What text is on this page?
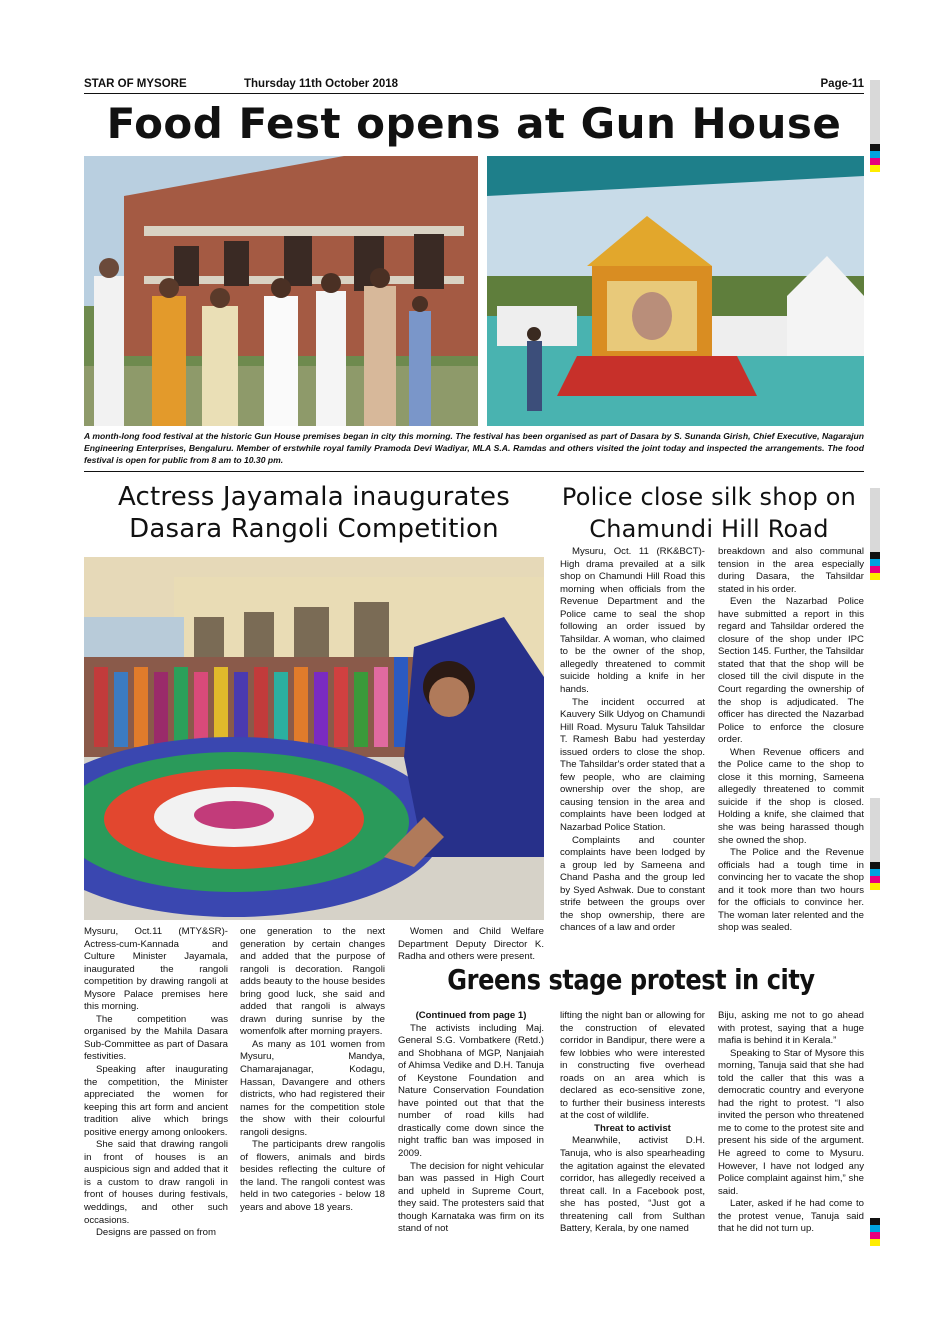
STAR OF MYSORE	Thursday 11th October 2018	Page-11
Food Fest opens at Gun House
A month-long food festival at the historic Gun House premises began in city this morning. The festival has been organised as part of Dasara by S. Sunanda Girish, Chief Executive, Nagarajun Engineering Enterprises, Bengaluru. Member of erstwhile royal family Pramoda Devi Wadiyar, MLA S.A. Ramdas and others visited the joint today and inspected the arrangements. The food festival is open for public from 8 am to 10.30 pm.
Actress Jayamala inaugurates
Dasara Rangoli Competition

Mysuru, Oct.11 (MTY&SR)- Actress-cum-Kannada and Culture Minister Jayamala, inaugurated the rangoli competition by drawing rangoli at Mysore Palace premises here this morning.

The competition was organised by the Mahila Dasara Sub-Committee as part of Dasara festivities.

Speaking after inaugurating the competition, the Minister appreciated the women for keeping this art form and ancient tradition alive which brings positive energy among onlookers.

She said that drawing rangoli in front of houses is an auspicious sign and added that it is a custom to draw rangoli in front of houses during festivals, weddings, and other such occasions.

Designs are passed on from

one generation to the next generation by certain changes and added that the purpose of rangoli is decoration. Rangoli adds beauty to the house besides bring good luck, she said and added that rangoli is always drawn during sunrise by the womenfolk after morning prayers.

As many as 101 women from Mysuru, Mandya, Chamarajanagar, Kodagu, Hassan, Davangere and others districts, who had registered their names for the competition stole the show with their colourful rangoli designs.

The participants drew rangolis of flowers, animals and birds besides reflecting the culture of the land. The rangoli contest was held in two categories - below 18 years and above 18 years.

Women and Child Welfare Department Deputy Director K. Radha and others were present.

Police close silk shop on
Chamundi Hill Road

Mysuru, Oct. 11 (RK&BCT)- High drama prevailed at a silk shop on Chamundi Hill Road this morning when officials from the Revenue Department and the Police came to seal the shop following an order issued by Tahsildar. A woman, who claimed to be the owner of the shop, allegedly threatened to commit suicide holding a knife in her hands.

The incident occurred at Kauvery Silk Udyog on Chamundi Hill Road. Mysuru Taluk Tahsildar T. Ramesh Babu had yesterday issued orders to close the shop. The Tahsildar's order stated that a few people, who are claiming ownership over the shop, are causing tension in the area and complaints have been lodged at Nazarbad Police Station.

Complaints and counter complaints have been lodged by a group led by Sameena and Chand Pasha and the group led by Syed Ashwak. Due to constant strife between the groups over the shop ownership, there are chances of a law and order

breakdown and also communal tension in the area especially during Dasara, the Tahsildar stated in his order.

Even the Nazarbad Police have submitted a report in this regard and Tahsildar ordered the closure of the shop under IPC Section 145. Further, the Tahsildar stated that that the shop will be closed till the civil dispute in the Court regarding the ownership of the shop is adjudicated. The officer has directed the Nazarbad Police to enforce the closure order.

When Revenue officers and the Police came to the shop to close it this morning, Sameena allegedly threatened to commit suicide if the shop is closed. Holding a knife, she claimed that she was being harassed though she owned the shop.

The Police and the Revenue officials had a tough time in convincing her to vacate the shop and it took more than two hours for the officials to convince her. The woman later relented and the shop was sealed.

Greens stage protest in city

(Continued from page 1)

The activists including Maj. General S.G. Vombatkere (Retd.) and Shobhana of MGP, Nanjaiah of Ahimsa Vedike and D.H. Tanuja of Keystone Foundation and Nature Conservation Foundation have pointed out that that the number of road kills had drastically come down since the night traffic ban was imposed in 2009.

The decision for night vehicular ban was passed in High Court and upheld in Supreme Court, they said. The protesters said that though Karnataka was firm on its stand of not

lifting the night ban or allowing for the construction of elevated corridor in Bandipur, there were a few lobbies who were interested in constructing five overhead roads on an area which is declared as eco-sensitive zone, to further their business interests at the cost of wildlife.

Threat to activist

Meanwhile, activist D.H. Tanuja, who is also spearheading the agitation against the elevated corridor, has allegedly received a threat call. In a Facebook post, she has posted, “Just got a threatening call from Sulthan Battery, Kerala, by one named

Biju, asking me not to go ahead with protest, saying that a huge mafia is behind it in Kerala.”

Speaking to Star of Mysore this morning, Tanuja said that she had told the caller that this was a democratic country and everyone had the right to protest. “I also invited the person who threatened me to come to the protest site and present his side of the argument. He agreed to come to Mysuru. However, I have not lodged any Police complaint against him,” she said.

Later, asked if he had come to the protest venue, Tanuja said that he did not turn up.
